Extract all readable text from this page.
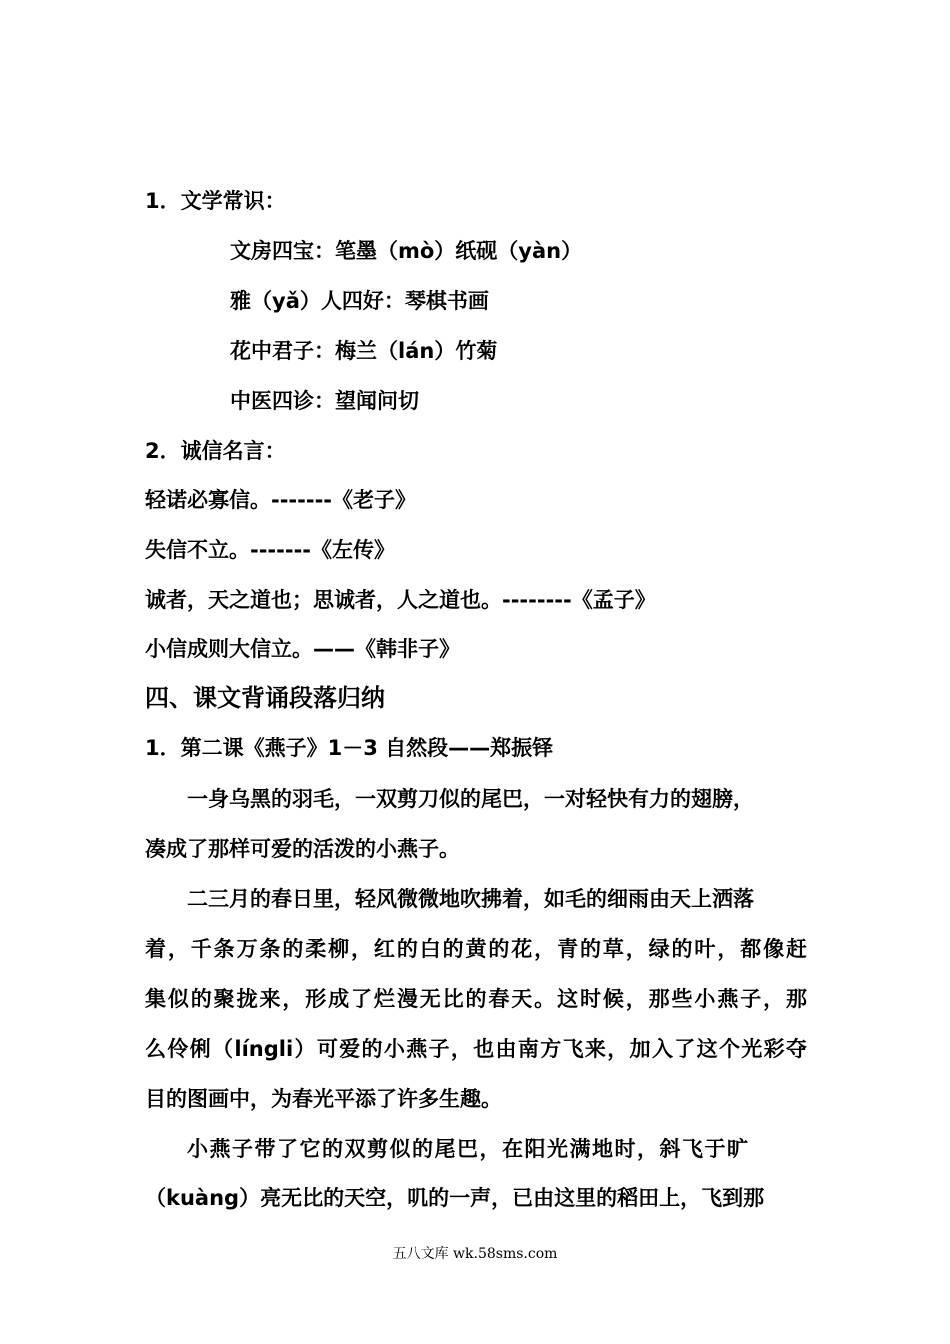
1．文学常识：
文房四宝：笔墨（mò）纸砚（yàn）
雅（yǎ）人四好：琴棋书画
花中君子：梅兰（lán）竹菊
中医四诊：望闻问切
2．诚信名言：
轻诺必寡信。-------《老子》
失信不立。-------《左传》
诚者，天之道也；思诚者，人之道也。--------《孟子》
小信成则大信立。——《韩非子》
四、课文背诵段落归纳
1．第二课《燕子》1－3 自然段——郑振铎
一身乌黑的羽毛，一双剪刀似的尾巴，一对轻快有力的翅膀，
凑成了那样可爱的活泼的小燕子。
二三月的春日里，轻风微微地吹拂着，如毛的细雨由天上洒落
着，千条万条的柔柳，红的白的黄的花，青的草，绿的叶，都像赶
集似的聚拢来，形成了烂漫无比的春天。这时候，那些小燕子，那
么伶俐（língli）可爱的小燕子，也由南方飞来，加入了这个光彩夺
目的图画中，为春光平添了许多生趣。
小燕子带了它的双剪似的尾巴，在阳光满地时，斜飞于旷
（kuàng）亮无比的天空，叽的一声，已由这里的稻田上，飞到那
五八文库 wk.58sms.com
